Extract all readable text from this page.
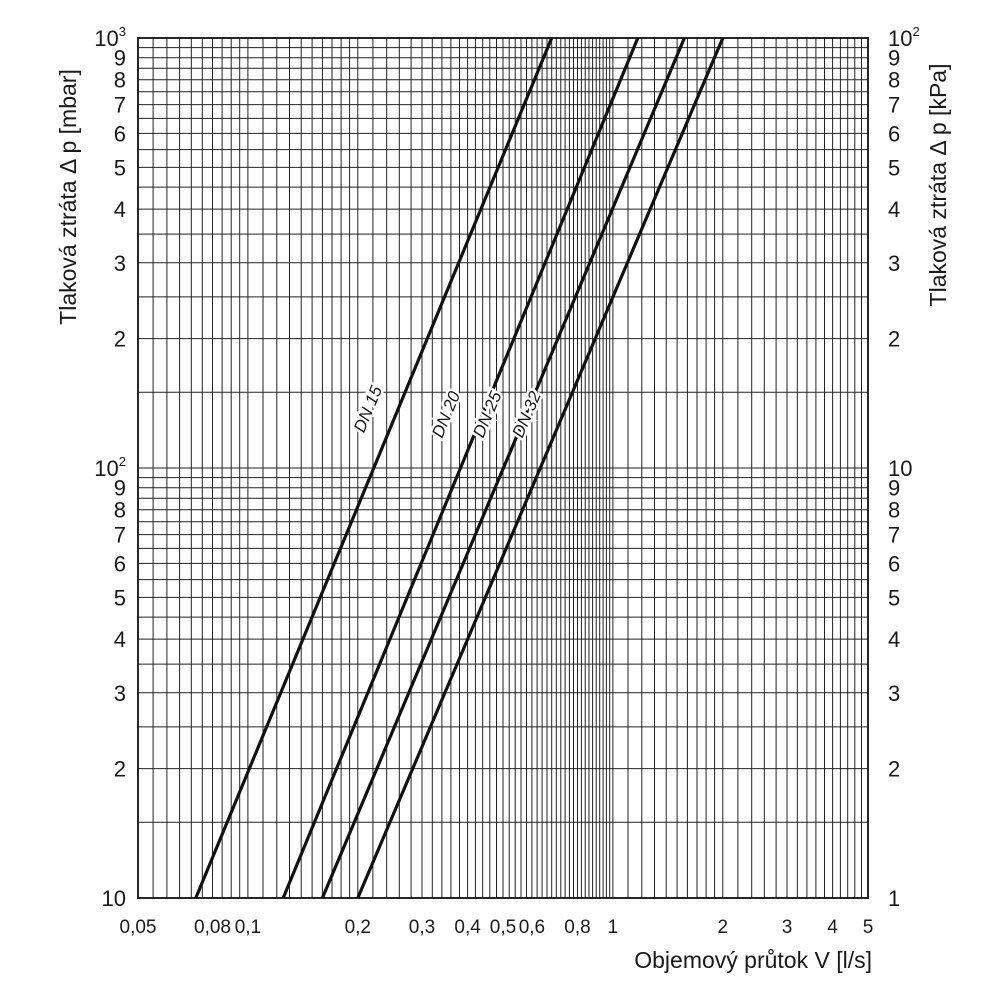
DN 15 DN 20 DN 25 DN 32
0,05 0,08 0,1	0,2 0,3 0,4 0,5 0,6 0,8 1	2	3 4 5
10
2
3
4
5
6
7
8
9
$10^2$
2
3
4
5
6
7
8
9
$10^3$
1
2
3
4
5
6
7
8
9
10
2
3
4
5
6
7
8
9
$10^2$
Objemový průtok V [l/s]
Tlaková ztráta Δ p [mbar]	Tlaková ztráta Δ p [kPa]
